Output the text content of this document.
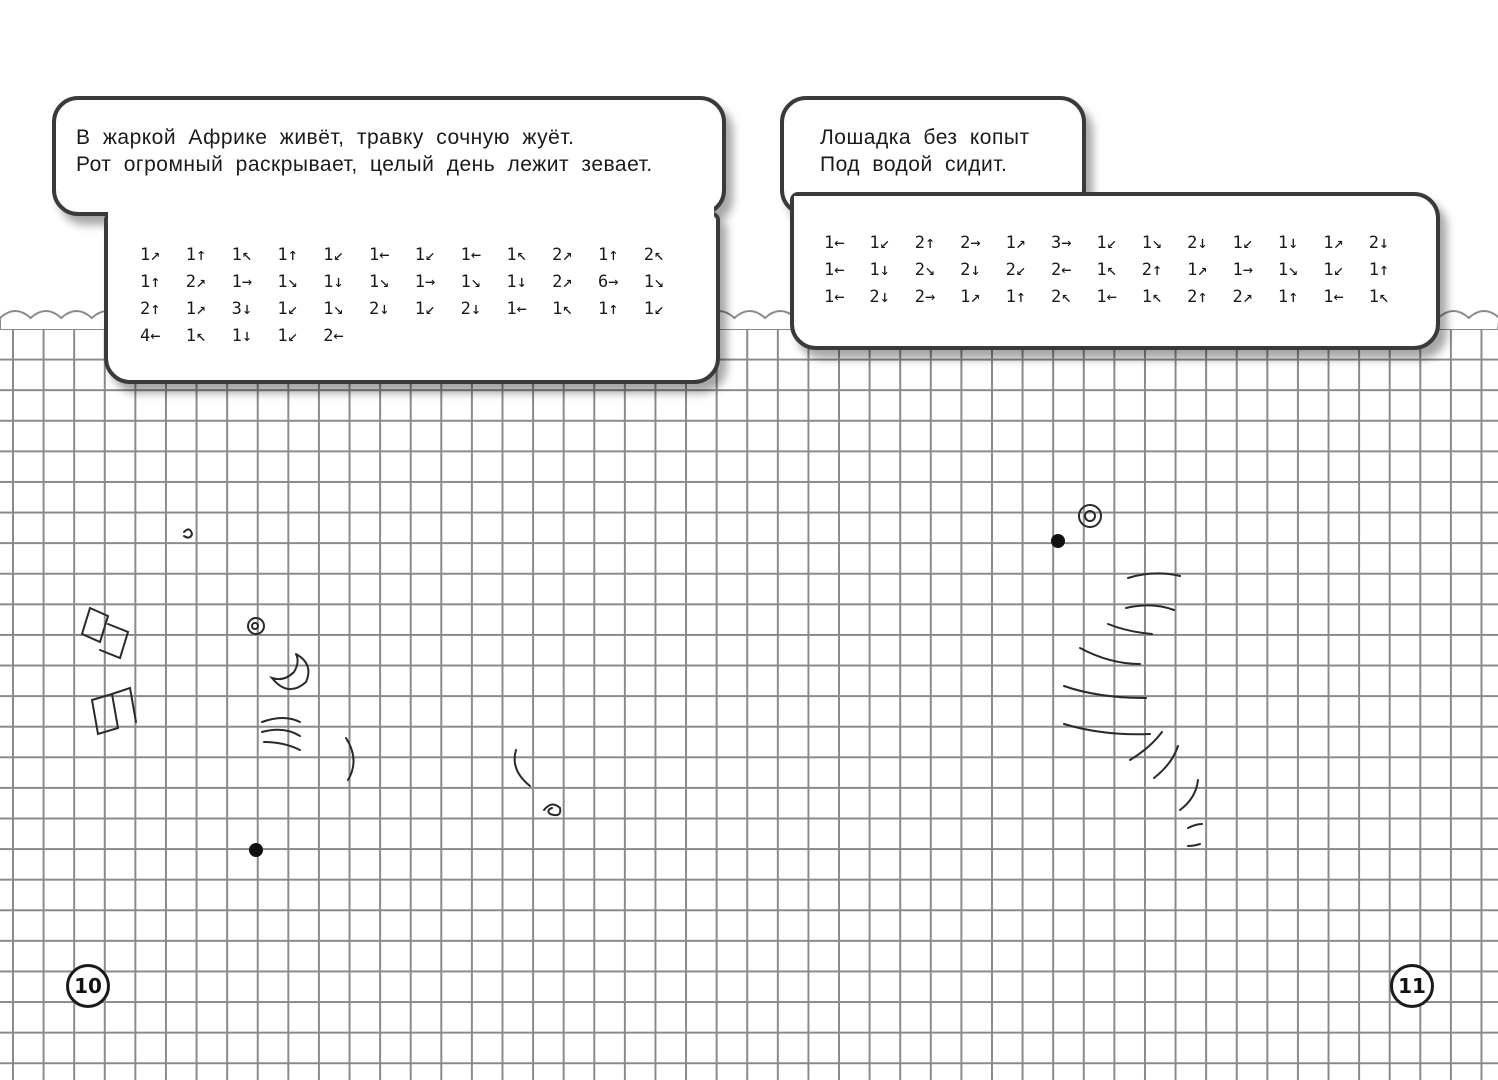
В жаркой Африке живёт, травку сочную жуёт.
Рот огромный раскрывает, целый день лежит зевает.
1↗ 1↑ 1↖ 1↑ 1↙ 1← 1↙ 1← 1↖ 2↗ 1↑ 2↖
1↑ 2↗ 1→ 1↘ 1↓ 1↘ 1→ 1↘ 1↓ 2↗ 6→ 1↘
2↑ 1↗ 3↓ 1↙ 1↘ 2↓ 1↙ 2↓ 1← 1↖ 1↑ 1↙
4← 1↖ 1↓ 1↙ 2←
Лошадка без копыт
Под водой сидит.
1← 1↙ 2↑ 2→ 1↗ 3→ 1↙ 1↘ 2↓ 1↙ 1↓ 1↗ 2↓
1← 1↓ 2↘ 2↓ 2↙ 2← 1↖ 2↑ 1↗ 1→ 1↘ 1↙ 1↑
1← 2↓ 2→ 1↗ 1↑ 2↖ 1← 1↖ 2↑ 2↗ 1↑ 1← 1↖
10	11
